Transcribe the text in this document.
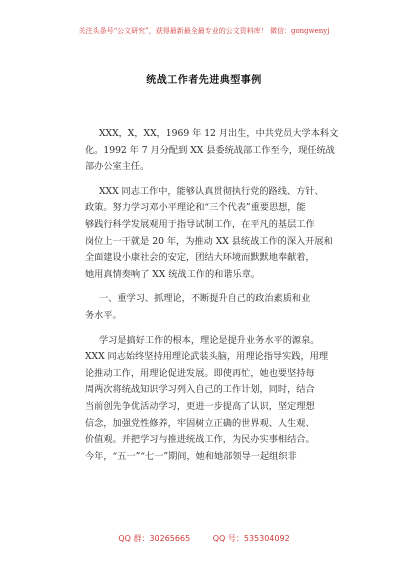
关注头条号“公文研究”，获得最新最全最专业的公文资料库！ 微信：gongwenyj
统战工作者先进典型事例

XXX，X，XX，1969 年 12 月出生，中共党员大学本科文
化。1992 年 7 月分配到 XX 县委统战部工作至今，现任统战
部办公室主任。

XXX 同志工作中，能够认真贯彻执行党的路线、方针、
政策。努力学习邓小平理论和“三个代表”重要思想，能
够践行科学发展观用于指导试制工作，在平凡的基层工作
岗位上一干就是 20 年，为推动 XX 县统战工作的深入开展和
全面建设小康社会的安定，团结大环境而默默地奉献着，
她用真情奏响了 XX 统战工作的和谐乐章。

一、重学习、抓理论，不断提升自己的政治素质和业
务水平。

学习是搞好工作的根本，理论是提升业务水平的源泉。
XXX 同志始终坚持用理论武装头脑，用理论指导实践，用理
论推动工作，用理论促进发展。即使再忙，她也要坚持每
周两次将统战知识学习列入自己的工作计划，同时，结合
当前创先争优活动学习，更进一步提高了认识，坚定理想
信念，加强党性修养，牢固树立正确的世界观、人生观、
价值观。并把学习与推进统战工作，为民办实事相结合。
今年，“五一”“七一”期间，她和她部领导一起组织非

QQ 群：30265665	QQ 号：535304092
